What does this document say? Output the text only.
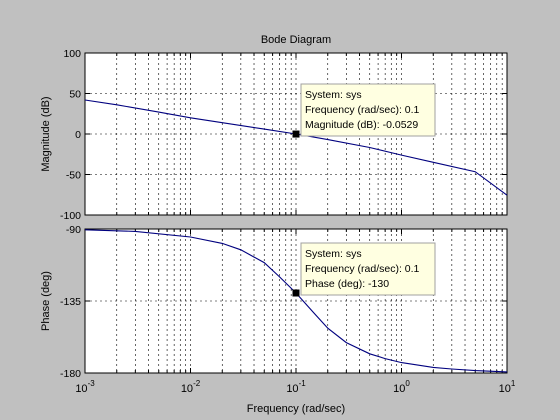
Bode Diagram
100
50
0
-50
-100
Magnitude (dB)
System: sys
Frequency (rad/sec): 0.1
Magnitude (dB): -0.0529
-90
-135
-180
Phase (deg)
System: sys
Frequency (rad/sec): 0.1
Phase (deg): -130
$10^{-3}$	$10^{-2}$	$10^{-1}$	$10^0$	$10^1$
Frequency (rad/sec)
